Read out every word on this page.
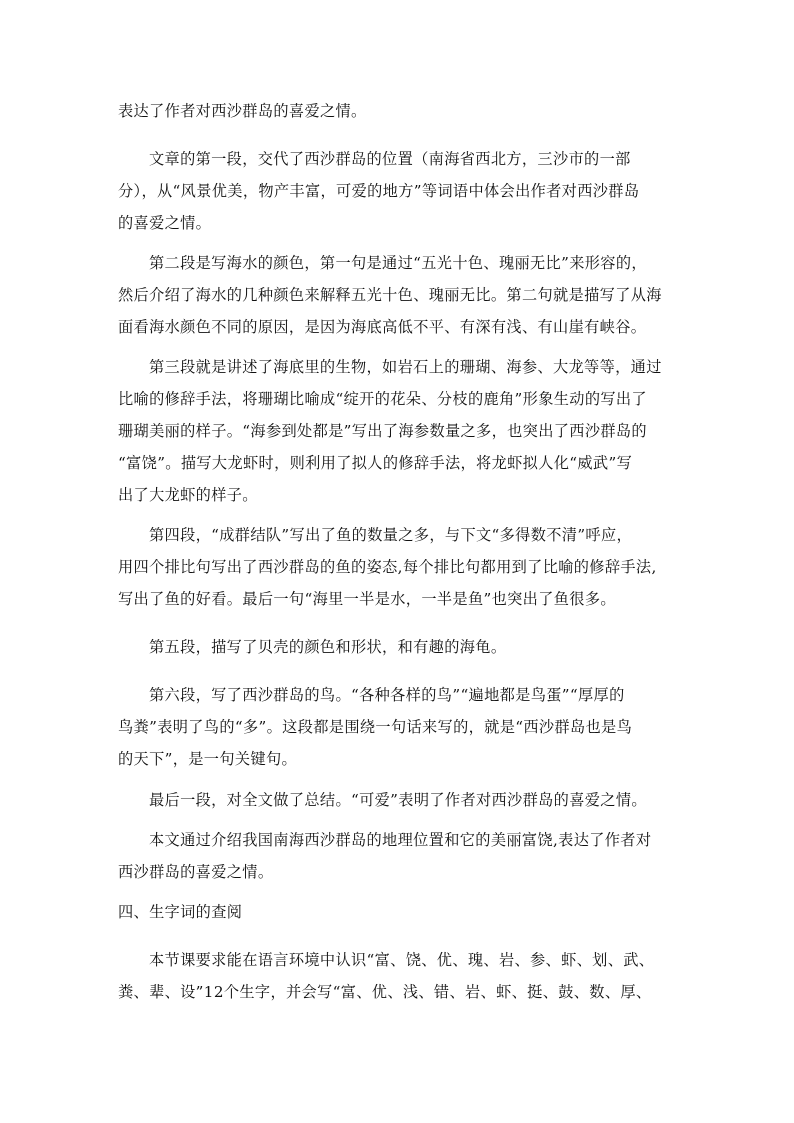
表达了作者对西沙群岛的喜爱之情。
文章的第一段，交代了西沙群岛的位置（南海省西北方，三沙市的一部
分），从“风景优美，物产丰富，可爱的地方”等词语中体会出作者对西沙群岛
的喜爱之情。
第二段是写海水的颜色，第一句是通过“五光十色、瑰丽无比”来形容的，
然后介绍了海水的几种颜色来解释五光十色、瑰丽无比。第二句就是描写了从海
面看海水颜色不同的原因，是因为海底高低不平、有深有浅、有山崖有峡谷。
第三段就是讲述了海底里的生物，如岩石上的珊瑚、海参、大龙等等，通过
比喻的修辞手法，将珊瑚比喻成“绽开的花朵、分枝的鹿角”形象生动的写出了
珊瑚美丽的样子。“海参到处都是”写出了海参数量之多，也突出了西沙群岛的
“富饶”。描写大龙虾时，则利用了拟人的修辞手法，将龙虾拟人化“威武”写
出了大龙虾的样子。
第四段，“成群结队”写出了鱼的数量之多，与下文“多得数不清”呼应，
用四个排比句写出了西沙群岛的鱼的姿态,每个排比句都用到了比喻的修辞手法,
写出了鱼的好看。最后一句“海里一半是水，一半是鱼”也突出了鱼很多。
第五段，描写了贝壳的颜色和形状，和有趣的海龟。
第六段，写了西沙群岛的鸟。“各种各样的鸟”“遍地都是鸟蛋”“厚厚的
鸟粪”表明了鸟的“多”。这段都是围绕一句话来写的，就是“西沙群岛也是鸟
的天下”，是一句关键句。
最后一段，对全文做了总结。“可爱”表明了作者对西沙群岛的喜爱之情。
本文通过介绍我国南海西沙群岛的地理位置和它的美丽富饶,表达了作者对
西沙群岛的喜爱之情。
四、生字词的查阅
本节课要求能在语言环境中认识“富、饶、优、瑰、岩、参、虾、划、武、
粪、辈、设”12个生字，并会写“富、优、浅、错、岩、虾、挺、鼓、数、厚、
